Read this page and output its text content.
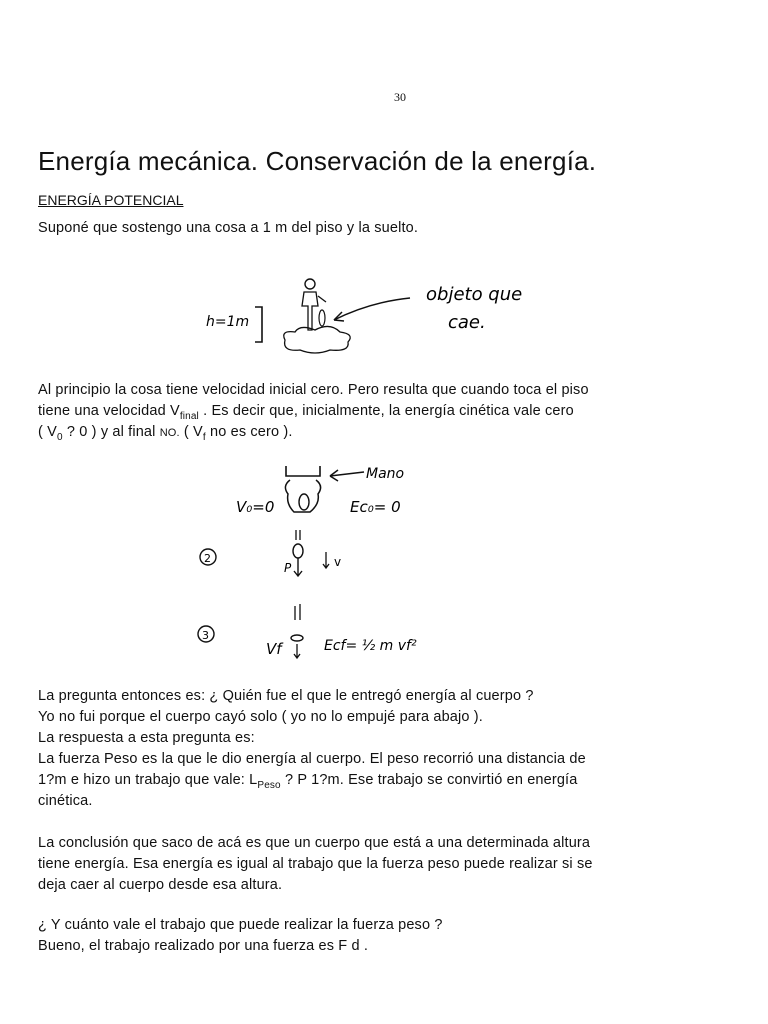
30
Energía mecánica. Conservación de la energía.
ENERGÍA POTENCIAL
Suponé que sostengo una cosa a 1 m del piso y la suelto.
h=1m
objeto que
cae.
Al principio la cosa tiene velocidad inicial cero. Pero resulta que cuando toca el piso
tiene una velocidad $V_{final}$ . Es decir que, inicialmente, la energía cinética vale cero
( $V_0$ ? 0 ) y al final NO. ( $V_f$ no es cero ).
Mano
V₀=0	Ec₀= 0
2
P	v
3
Vf	Ecf= ½ m vf²
La pregunta entonces es: ¿ Quién fue el que le entregó energía al cuerpo ?
Yo no fui porque el cuerpo cayó solo ( yo no lo empujé para abajo ).
La respuesta a esta pregunta es:
La fuerza Peso es la que le dio energía al cuerpo. El peso recorrió una distancia de
1?m e hizo un trabajo que vale: $L_{Peso}$ ? P 1?m. Ese trabajo se convirtió en energía
cinética.
La conclusión que saco de acá es que un cuerpo que está a una determinada altura
tiene energía. Esa energía es igual al trabajo que la fuerza peso puede realizar si se
deja caer al cuerpo desde esa altura.
¿ Y cuánto vale el trabajo que puede realizar la fuerza peso ?
Bueno, el trabajo realizado por una fuerza es F d .
